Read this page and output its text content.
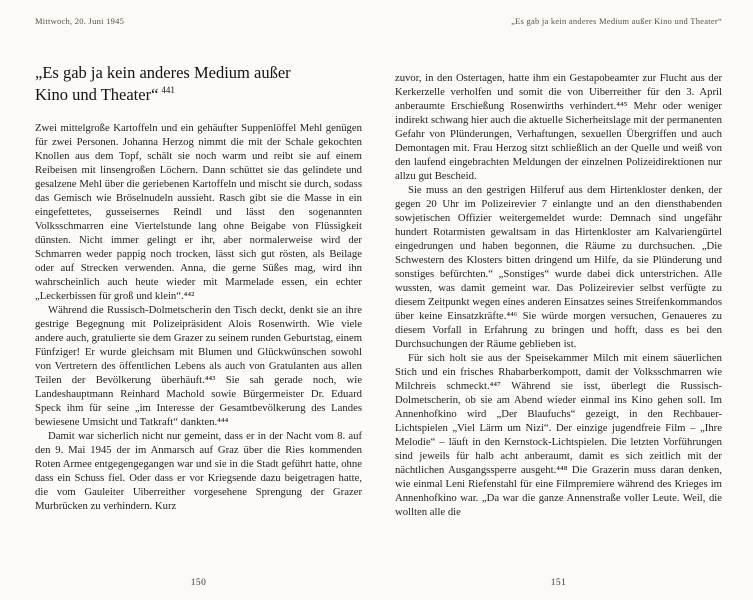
Mittwoch, 20. Juni 1945
„Es gab ja kein anderes Medium außer
Kino und Theater“ $^{441}$

Zwei mittelgroße Kartoffeln und ein gehäufter Suppenlöffel Mehl genügen für zwei Personen. Johanna Herzog nimmt die mit der Schale gekochten Knollen aus dem Topf, schält sie noch warm und reibt sie auf einem Reibeisen mit linsengroßen Löchern. Dann schüttet sie das gelindete und gesalzene Mehl über die geriebenen Kartoffeln und mischt sie durch, sodass das Gemisch wie Bröselnudeln aussieht. Rasch gibt sie die Masse in ein eingefettetes, gusseisernes Reindl und lässt den sogenannten Volksschmarren eine Viertelstunde lang ohne Beigabe von Flüssigkeit dünsten. Nicht immer gelingt er ihr, aber normalerweise wird der Schmarren weder pappig noch trocken, lässt sich gut rösten, als Beilage oder auf Strecken verwenden. Anna, die gerne Süßes mag, wird ihn wahrscheinlich auch heute wieder mit Marmelade essen, ein echter „Leckerbissen für groß und klein“.⁴⁴²

Während die Russisch-Dolmetscherin den Tisch deckt, denkt sie an ihre gestrige Begegnung mit Polizeipräsident Alois Rosenwirth. Wie viele andere auch, gratulierte sie dem Grazer zu seinem runden Geburtstag, einem Fünfziger! Er wurde gleichsam mit Blumen und Glückwünschen sowohl von Vertretern des öffentlichen Lebens als auch von Gratulanten aus allen Teilen der Bevölkerung überhäuft.⁴⁴³ Sie sah gerade noch, wie Landeshauptmann Reinhard Machold sowie Bürgermeister Dr. Eduard Speck ihm für seine „im Interesse der Gesamtbevölkerung des Landes bewiesene Umsicht und Tatkraft“ dankten.⁴⁴⁴

Damit war sicherlich nicht nur gemeint, dass er in der Nacht vom 8. auf den 9. Mai 1945 der im Anmarsch auf Graz über die Ries kommenden Roten Armee entgegengegangen war und sie in die Stadt geführt hatte, ohne dass ein Schuss fiel. Oder dass er vor Kriegsende dazu beigetragen hatte, die vom Gauleiter Uiberreither vorgesehene Sprengung der Grazer Murbrücken zu verhindern. Kurz

150
„Es gab ja kein anderes Medium außer Kino und Theater“

zuvor, in den Ostertagen, hatte ihm ein Gestapobeamter zur Flucht aus der Kerkerzelle verholfen und somit die von Uiberreither für den 3. April anberaumte Erschießung Rosenwirths verhindert.⁴⁴⁵ Mehr oder weniger indirekt schwang hier auch die aktuelle Sicherheitslage mit der permanenten Gefahr von Plünderungen, Verhaftungen, sexuellen Übergriffen und auch Demontagen mit. Frau Herzog sitzt schließlich an der Quelle und weiß von den laufend eingebrachten Meldungen der einzelnen Polizeidirektionen nur allzu gut Bescheid.

Sie muss an den gestrigen Hilferuf aus dem Hirtenkloster denken, der gegen 20 Uhr im Polizeirevier 7 einlangte und an den diensthabenden sowjetischen Offizier weitergemeldet wurde: Demnach sind ungefähr hundert Rotarmisten gewaltsam in das Hirtenkloster am Kalvariengürtel eingedrungen und haben begonnen, die Räume zu durchsuchen. „Die Schwestern des Klosters bitten dringend um Hilfe, da sie Plünderung und sonstiges befürchten.“ „Sonstiges“ wurde dabei dick unterstrichen. Alle wussten, was damit gemeint war. Das Polizeirevier selbst verfügte zu diesem Zeitpunkt wegen eines anderen Einsatzes seines Streifenkommandos über keine Einsatzkräfte.⁴⁴⁶ Sie würde morgen versuchen, Genaueres zu diesem Vorfall in Erfahrung zu bringen und hofft, dass es bei den Durchsuchungen der Räume geblieben ist.

Für sich holt sie aus der Speisekammer Milch mit einem säuerlichen Stich und ein frisches Rhabarberkompott, damit der Volksschmarren wie Milchreis schmeckt.⁴⁴⁷ Während sie isst, überlegt die Russisch-Dolmetscherin, ob sie am Abend wieder einmal ins Kino gehen soll. Im Annenhofkino wird „Der Blaufuchs“ gezeigt, in den Rechbauer-Lichtspielen „Viel Lärm um Nizi“. Der einzige jugendfreie Film – „Ihre Melodie“ – läuft in den Kernstock-Lichtspielen. Die letzten Vorführungen sind jeweils für halb acht anberaumt, damit es sich zeitlich mit der nächtlichen Ausgangssperre ausgeht.⁴⁴⁸ Die Grazerin muss daran denken, wie einmal Leni Riefenstahl für eine Filmpremiere während des Krieges im Annenhofkino war. „Da war die ganze Annenstraße voller Leute. Weil, die wollten alle die

151
